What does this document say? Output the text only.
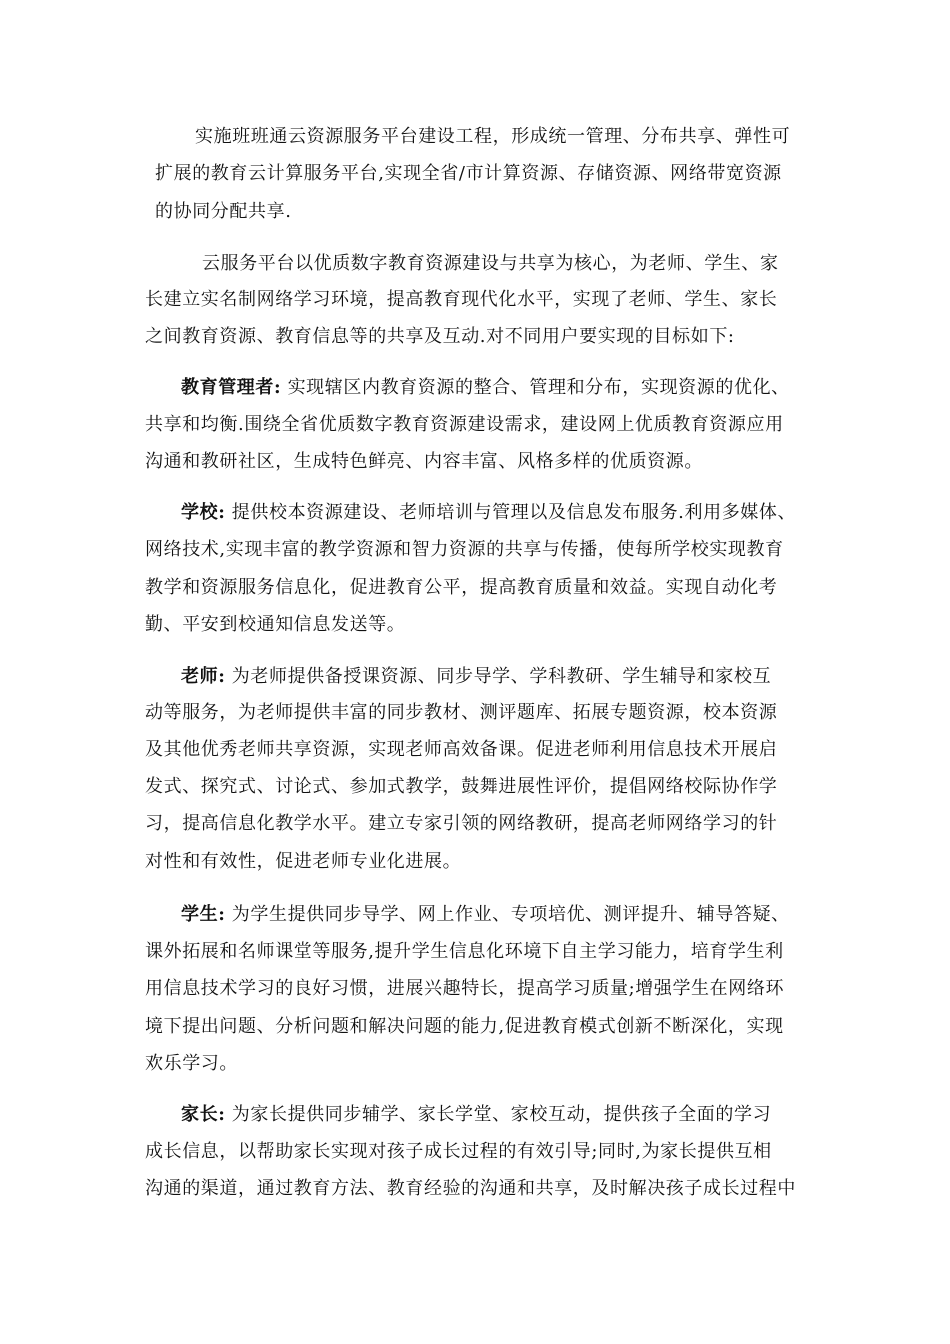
实施班班通云资源服务平台建设工程，形成统一管理、分布共享、弹性可
扩展的教育云计算服务平台,实现全省/市计算资源、存储资源、网络带宽资源
的协同分配共享.
云服务平台以优质数字教育资源建设与共享为核心，为老师、学生、家
长建立实名制网络学习环境，提高教育现代化水平，实现了老师、学生、家长
之间教育资源、教育信息等的共享及互动.对不同用户要实现的目标如下:
教育管理者: 实现辖区内教育资源的整合、管理和分布，实现资源的优化、
共享和均衡.围绕全省优质数字教育资源建设需求，建设网上优质教育资源应用
沟通和教研社区，生成特色鲜亮、内容丰富、风格多样的优质资源。
学校: 提供校本资源建设、老师培训与管理以及信息发布服务.利用多媒体、
网络技术,实现丰富的教学资源和智力资源的共享与传播，使每所学校实现教育
教学和资源服务信息化，促进教育公平，提高教育质量和效益。实现自动化考
勤、平安到校通知信息发送等。
老师: 为老师提供备授课资源、同步导学、学科教研、学生辅导和家校互
动等服务，为老师提供丰富的同步教材、测评题库、拓展专题资源，校本资源
及其他优秀老师共享资源，实现老师高效备课。促进老师利用信息技术开展启
发式、探究式、讨论式、参加式教学，鼓舞进展性评价，提倡网络校际协作学
习，提高信息化教学水平。建立专家引领的网络教研，提高老师网络学习的针
对性和有效性，促进老师专业化进展。
学生: 为学生提供同步导学、网上作业、专项培优、测评提升、辅导答疑、
课外拓展和名师课堂等服务,提升学生信息化环境下自主学习能力，培育学生利
用信息技术学习的良好习惯，进展兴趣特长，提高学习质量;增强学生在网络环
境下提出问题、分析问题和解决问题的能力,促进教育模式创新不断深化，实现
欢乐学习。
家长: 为家长提供同步辅学、家长学堂、家校互动，提供孩子全面的学习
成长信息，以帮助家长实现对孩子成长过程的有效引导;同时,为家长提供互相
沟通的渠道，通过教育方法、教育经验的沟通和共享，及时解决孩子成长过程中
